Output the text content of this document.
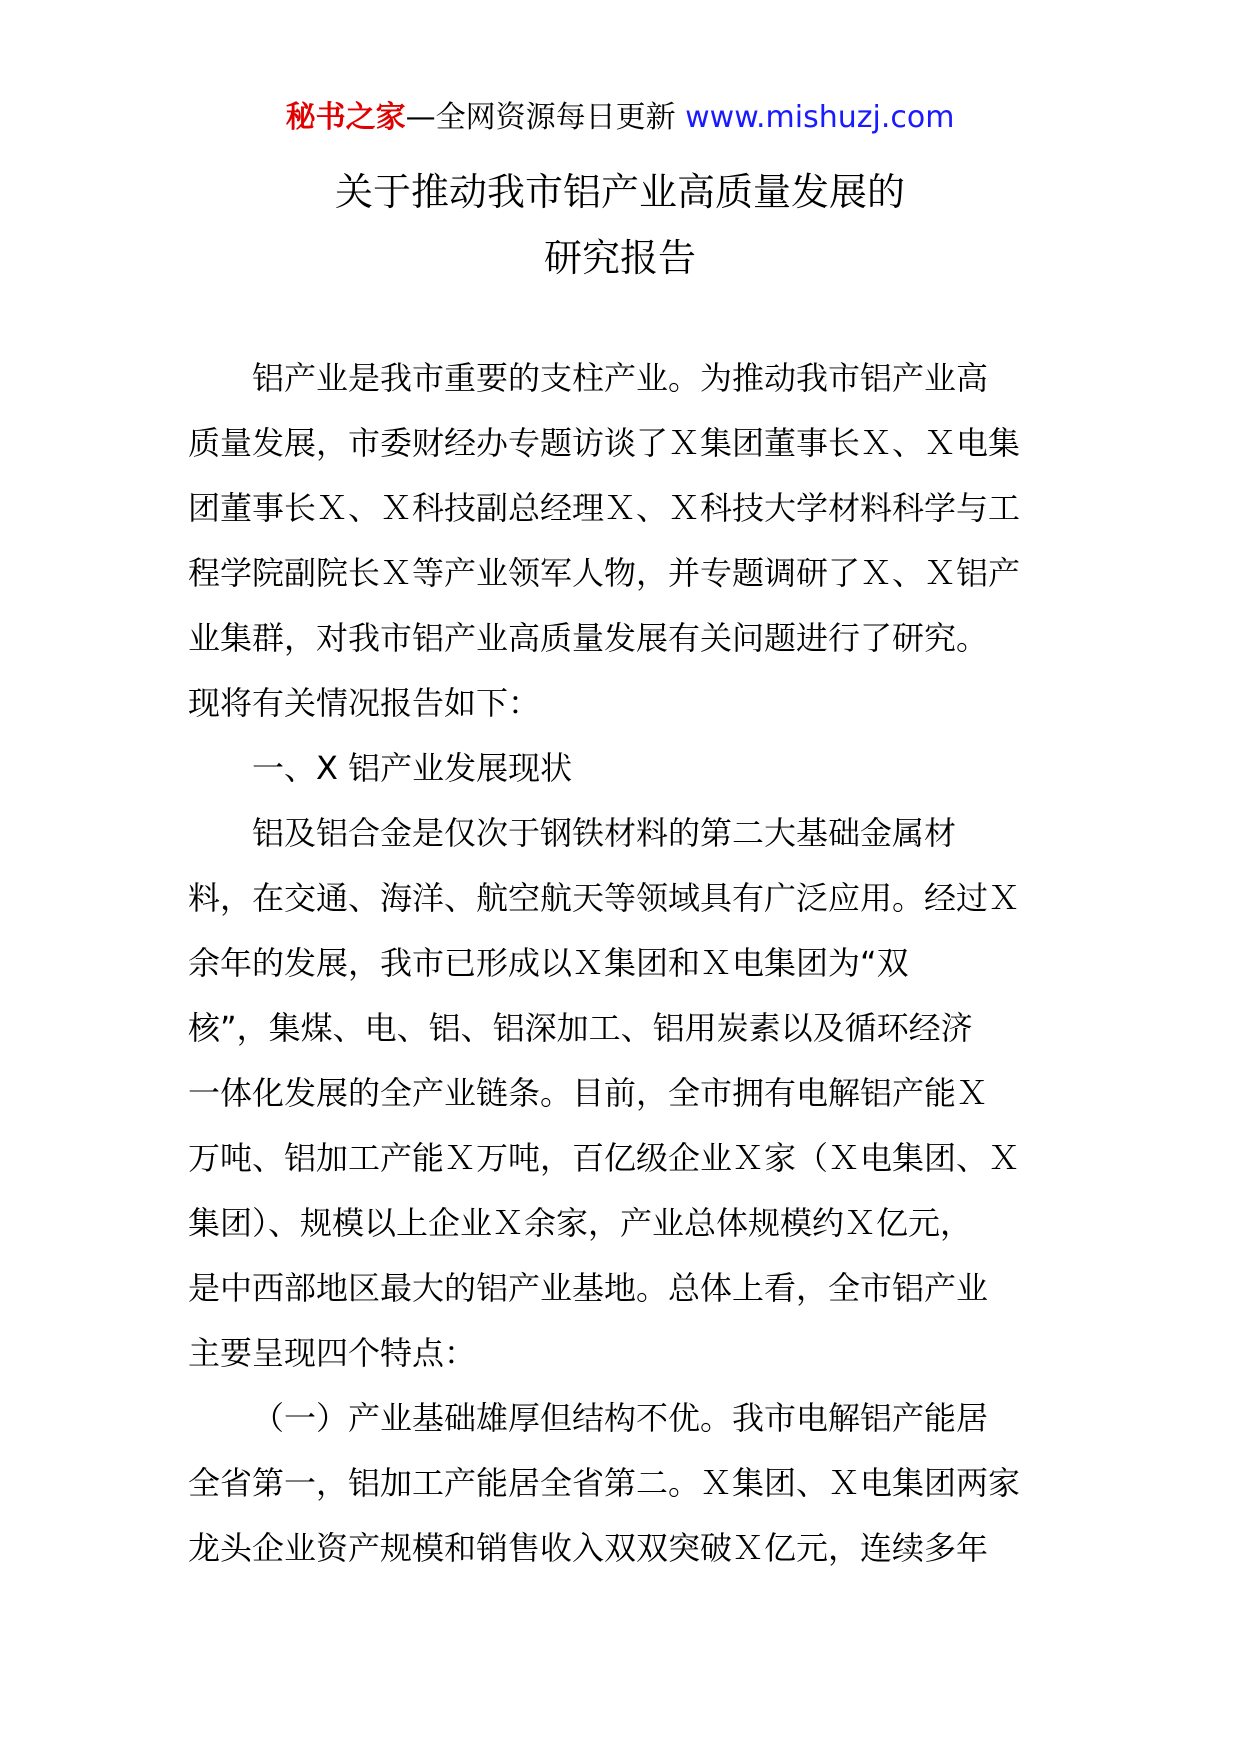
秘书之家—全网资源每日更新 www.mishuzj.com
关于推动我市铝产业高质量发展的
研究报告
铝产业是我市重要的支柱产业。为推动我市铝产业高
质量发展，市委财经办专题访谈了Ｘ集团董事长Ｘ、Ｘ电集
团董事长Ｘ、Ｘ科技副总经理Ｘ、Ｘ科技大学材料科学与工
程学院副院长Ｘ等产业领军人物，并专题调研了Ｘ、Ｘ铝产
业集群，对我市铝产业高质量发展有关问题进行了研究。
现将有关情况报告如下：
一、X 铝产业发展现状
铝及铝合金是仅次于钢铁材料的第二大基础金属材
料，在交通、海洋、航空航天等领域具有广泛应用。经过Ｘ
余年的发展，我市已形成以Ｘ集团和Ｘ电集团为“双
核”，集煤、电、铝、铝深加工、铝用炭素以及循环经济
一体化发展的全产业链条。目前，全市拥有电解铝产能Ｘ
万吨、铝加工产能Ｘ万吨，百亿级企业Ｘ家（Ｘ电集团、Ｘ
集团）、规模以上企业Ｘ余家，产业总体规模约Ｘ亿元，
是中西部地区最大的铝产业基地。总体上看，全市铝产业
主要呈现四个特点：
（一）产业基础雄厚但结构不优。我市电解铝产能居
全省第一，铝加工产能居全省第二。Ｘ集团、Ｘ电集团两家
龙头企业资产规模和销售收入双双突破Ｘ亿元，连续多年
